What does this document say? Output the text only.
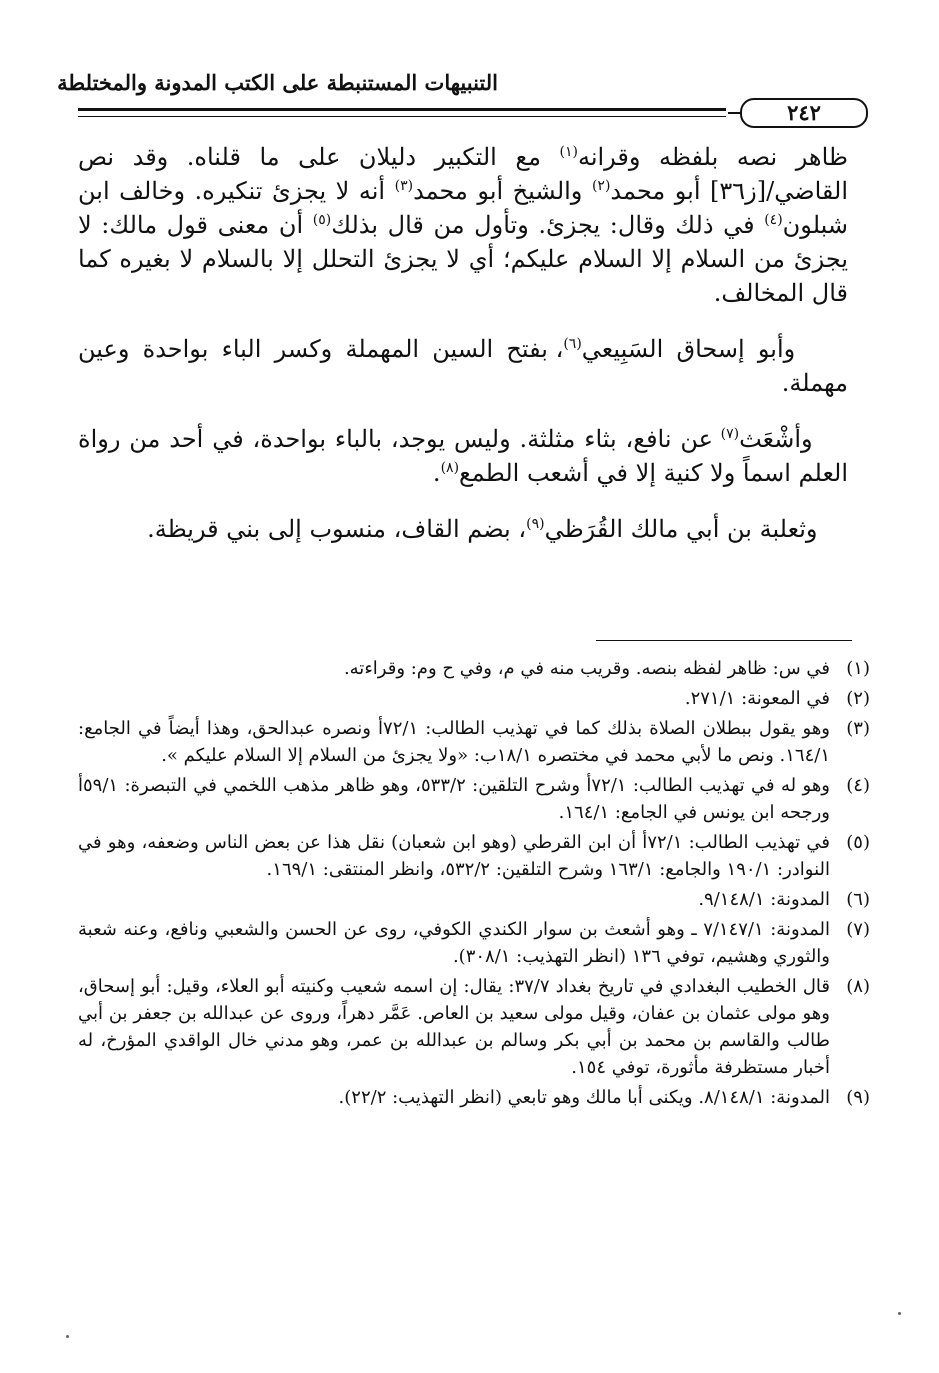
التنبيهات المستنبطة على الكتب المدونة والمختلطة
٢٤٢

ظاهر نصه بلفظه وقرانه$^{(١)}$ مع التكبير دليلان على ما قلناه. وقد نص القاضي/[ز٣٦] أبو محمد$^{(٢)}$ والشيخ أبو محمد$^{(٣)}$ أنه لا يجزئ تنكيره. وخالف ابن شبلون$^{(٤)}$ في ذلك وقال: يجزئ. وتأول من قال بذلك$^{(٥)}$ أن معنى قول مالك: لا يجزئ من السلام إلا السلام عليكم؛ أي لا يجزئ التحلل إلا بالسلام لا بغيره كما قال المخالف.

وأبو إسحاق السَبِيعي$^{(٦)}$، بفتح السين المهملة وكسر الباء بواحدة وعين مهملة.

وأشْعَث$^{(٧)}$ عن نافع، بثاء مثلثة. وليس يوجد، بالباء بواحدة، في أحد من رواة العلم اسماً ولا كنية إلا في أشعب الطمع$^{(٨)}$.

وثعلبة بن أبي مالك القُرَظي$^{(٩)}$، بضم القاف، منسوب إلى بني قريظة.

(١)
في س: ظاهر لفظه بنصه. وقريب منه في م، وفي ح وم: وقراءته.
(٢)
في المعونة: ٢٧١/١.
(٣)
وهو يقول ببطلان الصلاة بذلك كما في تهذيب الطالب: ٧٢/١أ ونصره عبدالحق، وهذا أيضاً في الجامع: ١٦٤/١. ونص ما لأبي محمد في مختصره ١٨/١ب: «ولا يجزئ من السلام إلا السلام عليكم ».
(٤)
وهو له في تهذيب الطالب: ٧٢/١أ وشرح التلقين: ٥٣٣/٢، وهو ظاهر مذهب اللخمي في التبصرة: ٥٩/١أ ورجحه ابن يونس في الجامع: ١٦٤/١.
(٥)
في تهذيب الطالب: ٧٢/١أ أن ابن القرطي (وهو ابن شعبان) نقل هذا عن بعض الناس وضعفه، وهو في النوادر: ١٩٠/١ والجامع: ١٦٣/١ وشرح التلقين: ٥٣٢/٢، وانظر المنتقى: ١٦٩/١.
(٦)
المدونة: ٩/١٤٨/١.
(٧)
المدونة: ٧/١٤٧/١ ـ وهو أشعث بن سوار الكندي الكوفي، روى عن الحسن والشعبي ونافع، وعنه شعبة والثوري وهشيم، توفي ١٣٦ (انظر التهذيب: ٣٠٨/١).
(٨)
قال الخطيب البغدادي في تاريخ بغداد ٣٧/٧: يقال: إن اسمه شعيب وكنيته أبو العلاء، وقيل: أبو إسحاق، وهو مولى عثمان بن عفان، وقيل مولى سعيد بن العاص. عَمَّر دهراً، وروى عن عبدالله بن جعفر بن أبي طالب والقاسم بن محمد بن أبي بكر وسالم بن عبدالله بن عمر، وهو مدني خال الواقدي المؤرخ، له أخبار مستظرفة مأثورة، توفي ١٥٤.
(٩)
المدونة: ٨/١٤٨/١. ويكنى أبا مالك وهو تابعي (انظر التهذيب: ٢٢/٢).
